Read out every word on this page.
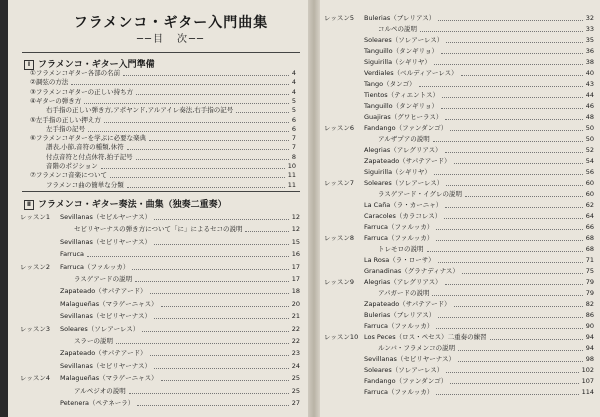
フラメンコ・ギター入門曲集
──目　次──
Ⅰ フラメンコ・ギター入門準備
Ⅱ フラメンコ・ギター奏法・曲集（独奏二重奏）
①フラメンコギター各部の名前	4
②調弦の方法	4
③フラメンコギターの正しい持ち方	4
④ギターの弾き方	5
右手指の正しい弾き方,アポヤンド,アルアイレ奏法,右手指の記号	5
⑤左手指の正しい押え方	6
左手指の記号	6
⑥フラメンコギターを学ぶに必要な楽典	7
譜表,小節,音符の種類,休符	7
付点音符と付点休符,拍子記号	8
音階のポジション	10
⑦フラメンコ音楽について	11
フラメンコ曲の簡単な分類	11
レッスン1 Sevillanas（セビルヤーナス）	12
セビリヤーナスの弾き方について「に」によるセコの説明	12
Sevillanas（セビリヤーナス）	15
Farruca	16
レッスン2 Farruca（ファルッカ）	17
ラスゲアードの説明	17
Zapateado（サパテアード）	18
Malagueñas（マラゲーニャス）	20
Sevillanas（セビリヤーナス）	21
レッスン3 Soleares（ソレアーレス）	22
スラーの説明	22
Zapateado（サパテアード）	23
Sevillanas（セビリヤーナス）	24
レッスン4 Malagueñas（マラゲーニャス）	25
アルペジオの説明	25
Petenera（ペテネーラ）	27
レッスン5 Bulerias（ブレリアス）	32
コルペの説明	33
Soleares（ソレアーレス）	35
Tanguillo（タンギリョ）	36
Siguirilla（シギリヤ）	38
Verdiales（ベルディアーレス）	40
Tango（タンゴ）	43
Tientos（ティエントス）	44
Tanguillo（タンギリョ）	46
Guajiras（グワヒーラス）	48
レッスン6 Fandango（ファンダンゴ）	50
アルザプアの説明	50
Alegrias（アレグリアス）	52
Zapateado（サパテアード）	54
Siguirilla（シギリヤ）	56
レッスン7 Soleares（ソレアーレス）	60
ラスゲアード・イグレの説明	60
La Caña（ラ・カーニャ）	62
Caracoles（カラコレス）	64
Farruca（ファルッカ）	66
レッスン8 Farruca（ファルッカ）	68
トレモロの説明	68
La Rosa（ラ・ローサ）	71
Granadinas（グラナディナス）	75
レッスン9 Alegrias（アレグリアス）	79
アパガードの説明	79
Zapateado（サパテアード）	82
Bulerias（ブレリアス）	86
Farruca（ファルッカ）	90
レッスン10 Los Peces（ロス・ペセス）二重奏の練習	94
ルンバ・フラメンコの説明	94
Sevillanas（セビリヤーナス）	98
Soleares（ソレアーレス）	102
Fandango（ファンダンゴ）	107
Farruca（ファルッカ）	114
